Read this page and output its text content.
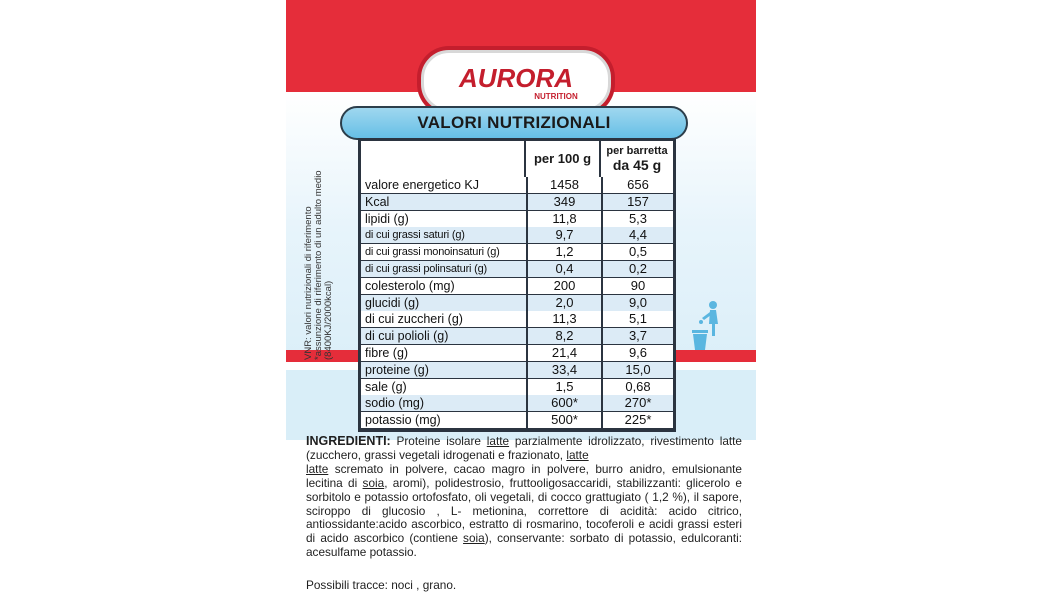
AURORA
NUTRITION
VALORI NUTRIZIONALI
per 100 g	per barretta
da 45 g
valore energetico KJ	1458	656
Kcal	349	157
lipidi (g)	11,8	5,3
di cui grassi saturi (g)	9,7	4,4
di cui grassi monoinsaturi (g)	1,2	0,5
di cui grassi polinsaturi (g)	0,4	0,2
colesterolo (mg)	200	90
glucidi (g)	2,0	9,0
di cui zuccheri (g)	11,3	5,1
di cui polioli (g)	8,2	3,7
fibre (g)	21,4	9,6
proteine (g)	33,4	15,0
sale (g)	1,5	0,68
sodio (mg)	600*	270*
potassio (mg)	500*	225*
VNR: valori nutrizionali di riferimento *assunzione di riferimento di un adulto medio (8400KJ/2000kcal)
INGREDIENTI: Proteine isolare latte parzialmente idrolizzato, rivestimento latte (zucchero, grassi vegetali idrogenati e frazionato, latte
latte scremato in polvere, cacao magro in polvere, burro anidro, emulsionante lecitina di soia, aromi), polidestrosio, fruttooligosaccaridi, stabilizzanti: glicerolo e sorbitolo e potassio ortofosfato, oli vegetali, di cocco grattugiato ( 1,2 %), il sapore, sciroppo di glucosio , L- metionina, correttore di acidità: acido citrico, antiossidante:acido ascorbico, estratto di rosmarino, tocoferoli e acidi grassi esteri di acido ascorbico (contiene soia), conservante: sorbato di potassio, edulcoranti: acesulfame potassio.
Possibili tracce: noci , grano.
